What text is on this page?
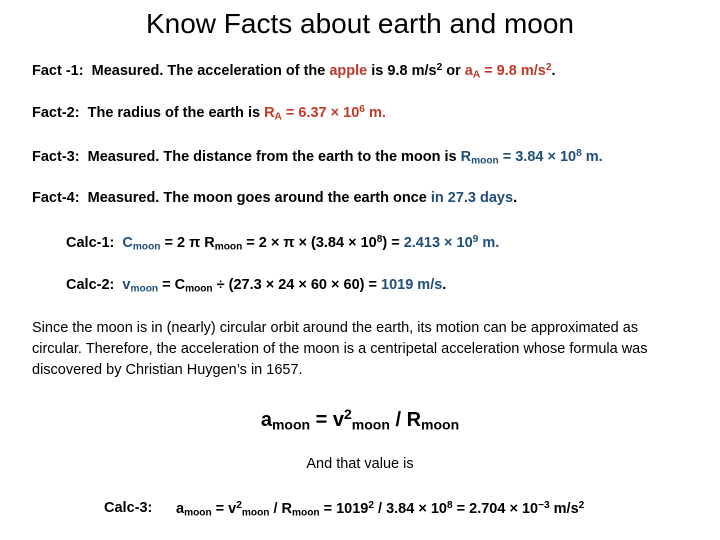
Know Facts about earth and moon
Fact -1: Measured. The acceleration of the apple is 9.8 $m/s^2$ or $a_A = 9.8$ $m/s^2$.
Fact-2: The radius of the earth is $R_A = 6.37 \times 10^6$ m.
Fact-3: Measured. The distance from the earth to the moon is $R_{moon} = 3.84 \times 10^8$ m.
Fact-4: Measured. The moon goes around the earth once in 27.3 days.
Calc-1: $C_{moon} = 2$ π $R_{moon} = 2 \times \pi \times (3.84 \times 10^8) = 2.413 \times 10^9$ m.
Calc-2: $v_{moon} = C_{moon} \div (27.3 \times 24 \times 60 \times 60) = 1019$ m/s.
Since the moon is in (nearly) circular orbit around the earth, its motion can be approximated as circular. Therefore, the acceleration of the moon is a centripetal acceleration whose formula was discovered by Christian Huygen’s in 1657.
$a_{moon} = v^2_{moon} / R_{moon}$
And that value is
Calc-3: $a_{moon} = v^2_{moon} / R_{moon} = 1019^2 / 3.84 \times 10^8 = 2.704 \times 10^{-3}$ $m/s^2$
